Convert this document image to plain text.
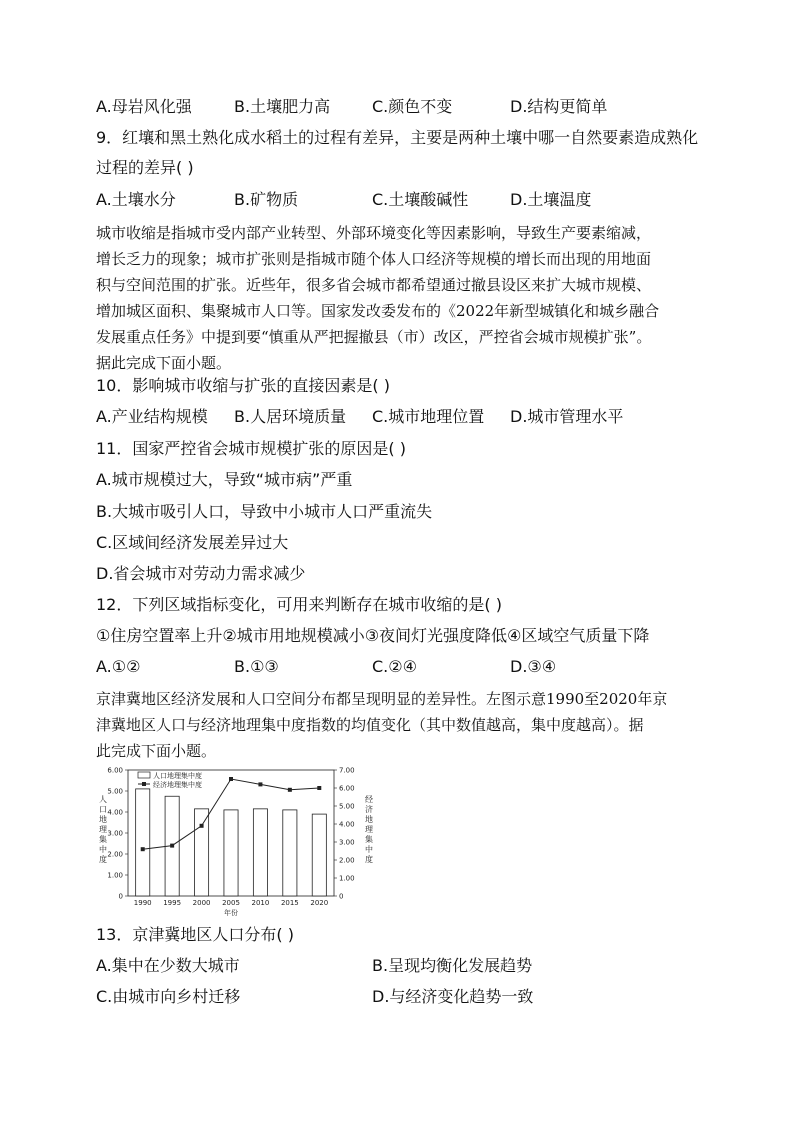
A.母岩风化强	B.土壤肥力高	C.颜色不变	D.结构更简单
9．红壤和黑土熟化成水稻土的过程有差异，主要是两种土壤中哪一自然要素造成熟化
过程的差异( )
A.土壤水分	B.矿物质	C.土壤酸碱性	D.土壤温度
城市收缩是指城市受内部产业转型、外部环境变化等因素影响，导致生产要素缩减，
增长乏力的现象；城市扩张则是指城市随个体人口经济等规模的增长而出现的用地面
积与空间范围的扩张。近些年，很多省会城市都希望通过撤县设区来扩大城市规模、
增加城区面积、集聚城市人口等。国家发改委发布的《2022年新型城镇化和城乡融合
发展重点任务》中提到要“慎重从严把握撤县（市）改区，严控省会城市规模扩张”。
据此完成下面小题。
10．影响城市收缩与扩张的直接因素是( )
A.产业结构规模 B.人居环境质量 C.城市地理位置 D.城市管理水平
11．国家严控省会城市规模扩张的原因是( )
A.城市规模过大，导致“城市病”严重
B.大城市吸引人口，导致中小城市人口严重流失
C.区域间经济发展差异过大
D.省会城市对劳动力需求减少
12．下列区域指标变化，可用来判断存在城市收缩的是( )
①住房空置率上升②城市用地规模减小③夜间灯光强度降低④区域空气质量下降
A.①②	B.①③	C.②④	D.③④
京津冀地区经济发展和人口空间分布都呈现明显的差异性。左图示意1990至2020年京
津冀地区人口与经济地理集中度指数的均值变化（其中数值越高，集中度越高）。据
此完成下面小题。
6.00
5.00
4.00
3.00
2.00
1.00
0
7.00
6.00
5.00
4.00
3.00
2.00
1.00
0
1990 1995 2000 2005 2010 2015 2020
年份
人口地理集中度
经济地理集中度
人口地理集中度
经济地理集中度
13．京津冀地区人口分布( )
A.集中在少数大城市	B.呈现均衡化发展趋势
C.由城市向乡村迁移	D.与经济变化趋势一致
